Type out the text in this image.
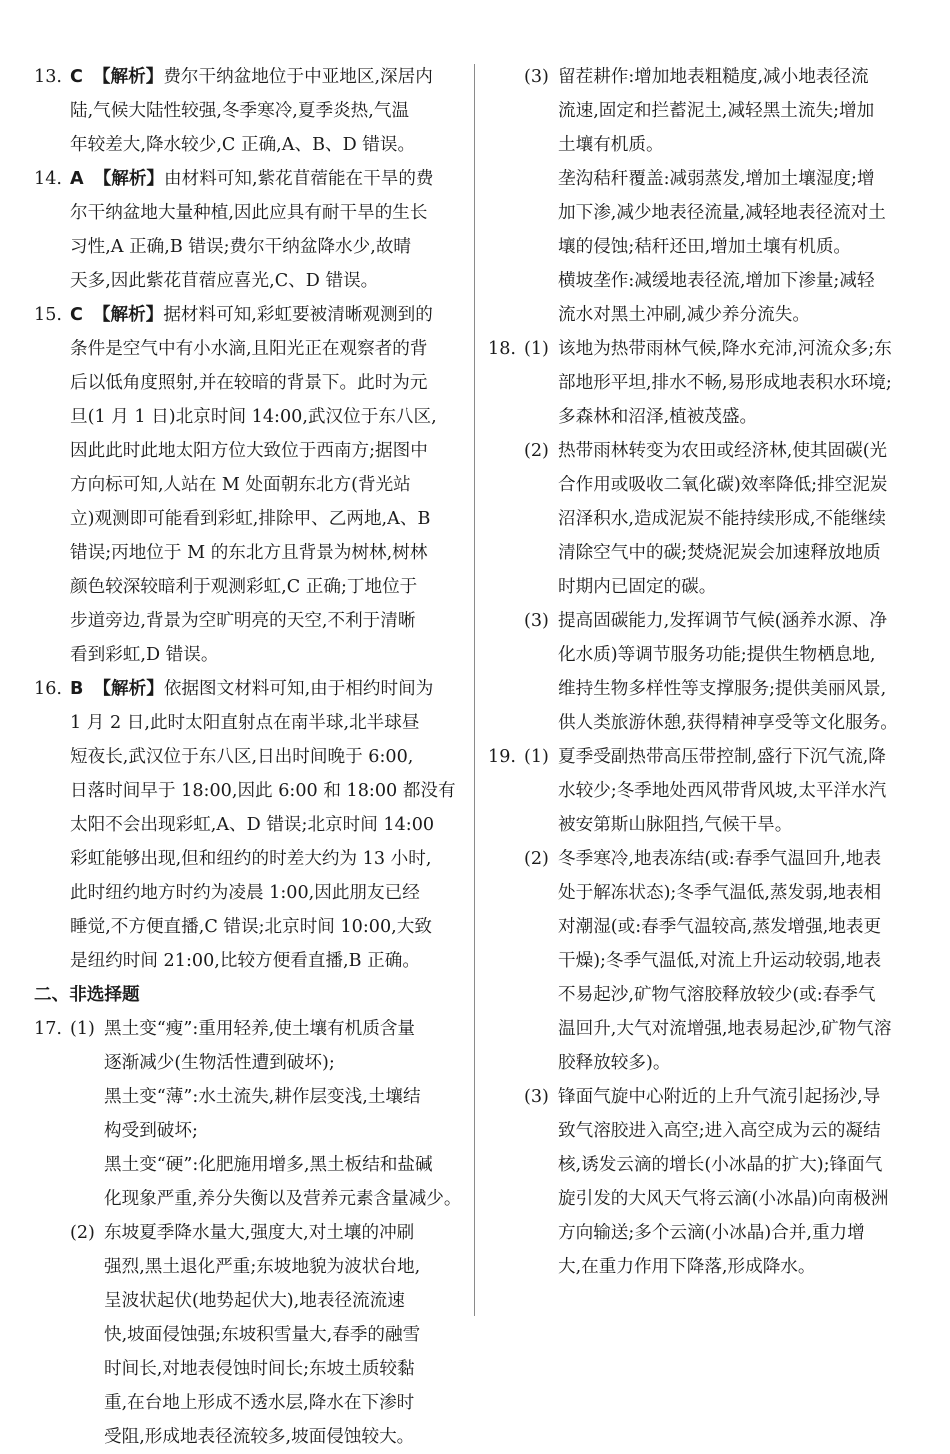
13. C 【解析】费尔干纳盆地位于中亚地区,深居内
陆,气候大陆性较强,冬季寒冷,夏季炎热,气温
年较差大,降水较少,C 正确,A、B、D 错误。
14. A 【解析】由材料可知,紫花苜蓿能在干旱的费
尔干纳盆地大量种植,因此应具有耐干旱的生长
习性,A 正确,B 错误;费尔干纳盆降水少,故晴
天多,因此紫花苜蓿应喜光,C、D 错误。
15. C 【解析】据材料可知,彩虹要被清晰观测到的
条件是空气中有小水滴,且阳光正在观察者的背
后以低角度照射,并在较暗的背景下。此时为元
旦(1 月 1 日)北京时间 14:00,武汉位于东八区,
因此此时此地太阳方位大致位于西南方;据图中
方向标可知,人站在 M 处面朝东北方(背光站
立)观测即可能看到彩虹,排除甲、乙两地,A、B
错误;丙地位于 M 的东北方且背景为树林,树林
颜色较深较暗利于观测彩虹,C 正确;丁地位于
步道旁边,背景为空旷明亮的天空,不利于清晰
看到彩虹,D 错误。
16. B 【解析】依据图文材料可知,由于相约时间为
1 月 2 日,此时太阳直射点在南半球,北半球昼
短夜长,武汉位于东八区,日出时间晚于 6:00,
日落时间早于 18:00,因此 6:00 和 18:00 都没有
太阳不会出现彩虹,A、D 错误;北京时间 14:00
彩虹能够出现,但和纽约的时差大约为 13 小时,
此时纽约地方时约为凌晨 1:00,因此朋友已经
睡觉,不方便直播,C 错误;北京时间 10:00,大致
是纽约时间 21:00,比较方便看直播,B 正确。
二、非选择题
17. (1) 黑土变“瘦”:重用轻养,使土壤有机质含量
逐渐减少(生物活性遭到破坏);
黑土变“薄”:水土流失,耕作层变浅,土壤结
构受到破坏;
黑土变“硬”:化肥施用增多,黑土板结和盐碱
化现象严重,养分失衡以及营养元素含量减少。
(2) 东坡夏季降水量大,强度大,对土壤的冲刷
强烈,黑土退化严重;东坡地貌为波状台地,
呈波状起伏(地势起伏大),地表径流流速
快,坡面侵蚀强;东坡积雪量大,春季的融雪
时间长,对地表侵蚀时间长;东坡土质较黏
重,在台地上形成不透水层,降水在下渗时
受阻,形成地表径流较多,坡面侵蚀较大。
(3) 留茬耕作:增加地表粗糙度,减小地表径流
流速,固定和拦蓄泥土,减轻黑土流失;增加
土壤有机质。
垄沟秸秆覆盖:减弱蒸发,增加土壤湿度;增
加下渗,减少地表径流量,减轻地表径流对土
壤的侵蚀;秸秆还田,增加土壤有机质。
横坡垄作:减缓地表径流,增加下渗量;减轻
流水对黑土冲刷,减少养分流失。
18. (1) 该地为热带雨林气候,降水充沛,河流众多;东
部地形平坦,排水不畅,易形成地表积水环境;
多森林和沼泽,植被茂盛。
(2) 热带雨林转变为农田或经济林,使其固碳(光
合作用或吸收二氧化碳)效率降低;排空泥炭
沼泽积水,造成泥炭不能持续形成,不能继续
清除空气中的碳;焚烧泥炭会加速释放地质
时期内已固定的碳。
(3) 提高固碳能力,发挥调节气候(涵养水源、净
化水质)等调节服务功能;提供生物栖息地,
维持生物多样性等支撑服务;提供美丽风景,
供人类旅游休憩,获得精神享受等文化服务。
19. (1) 夏季受副热带高压带控制,盛行下沉气流,降
水较少;冬季地处西风带背风坡,太平洋水汽
被安第斯山脉阻挡,气候干旱。
(2) 冬季寒冷,地表冻结(或:春季气温回升,地表
处于解冻状态);冬季气温低,蒸发弱,地表相
对潮湿(或:春季气温较高,蒸发增强,地表更
干燥);冬季气温低,对流上升运动较弱,地表
不易起沙,矿物气溶胶释放较少(或:春季气
温回升,大气对流增强,地表易起沙,矿物气溶
胶释放较多)。
(3) 锋面气旋中心附近的上升气流引起扬沙,导
致气溶胶进入高空;进入高空成为云的凝结
核,诱发云滴的增长(小冰晶的扩大);锋面气
旋引发的大风天气将云滴(小冰晶)向南极洲
方向输送;多个云滴(小冰晶)合并,重力增
大,在重力作用下降落,形成降水。
